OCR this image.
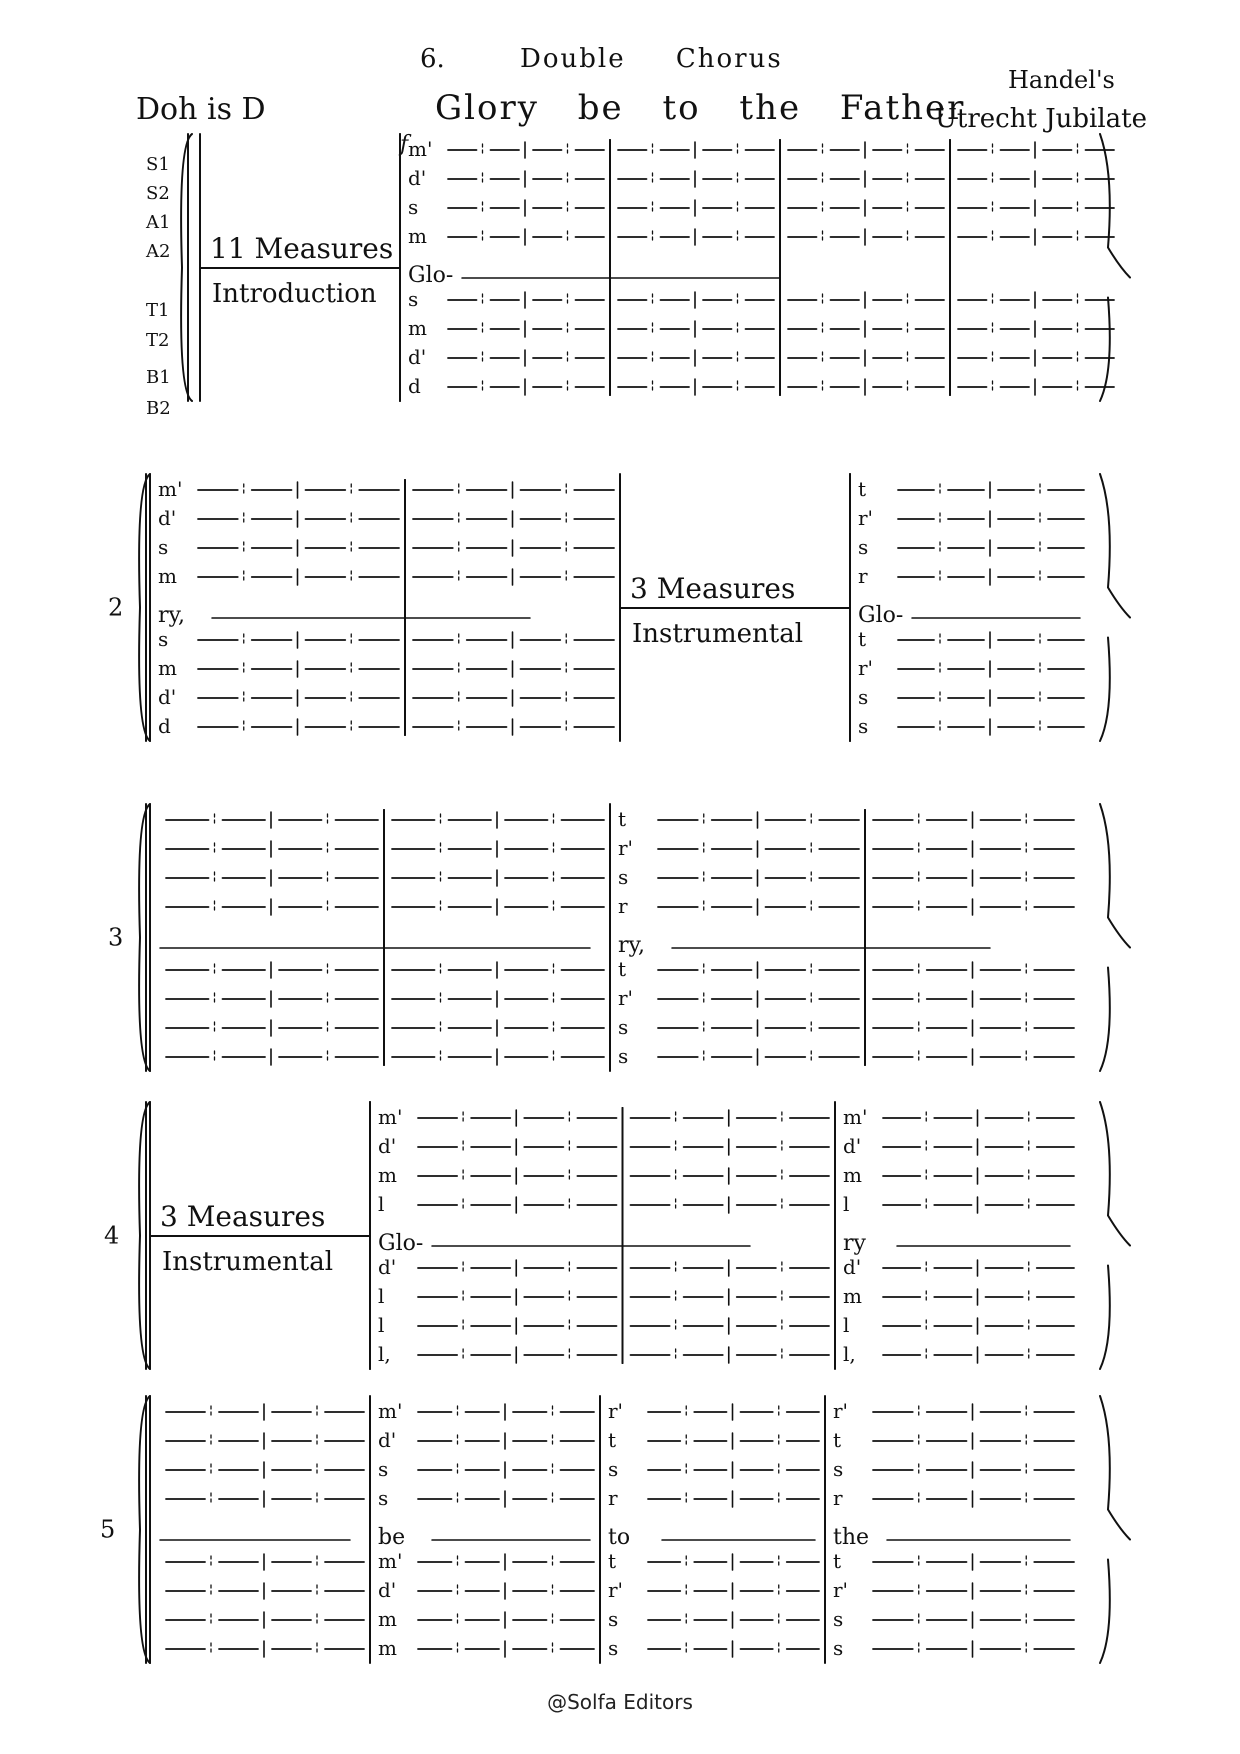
6.	Double Chorus
Glory be to the Father
Doh is D
Handel's
Utrecht Jubilate
S1
S2
A1
A2
T1
T2
B1
B2
f
11 Measures
Introduction
m'
d'
s
m
s
m
d'
d
Glo-
2
m'
d'
s
m
s
m
d'
d
ry,
3 Measures
Instrumental
t
r'
s
r
t
r'
s
s
Glo-
3
t
r'
s
r
t
r'
s
s
ry,
4
3 Measures
Instrumental
m'
d'
m
l
d'
l
l
l,
Glo-
m'
d'
m
l
d'
m
l
l,
ry
5
m'
d'
s
s
m'
d'
m
m
be
r'
t
s
r
t
r'
s
s
to
r'
t
s
r
t
r'
s
s
the
@Solfa Editors
